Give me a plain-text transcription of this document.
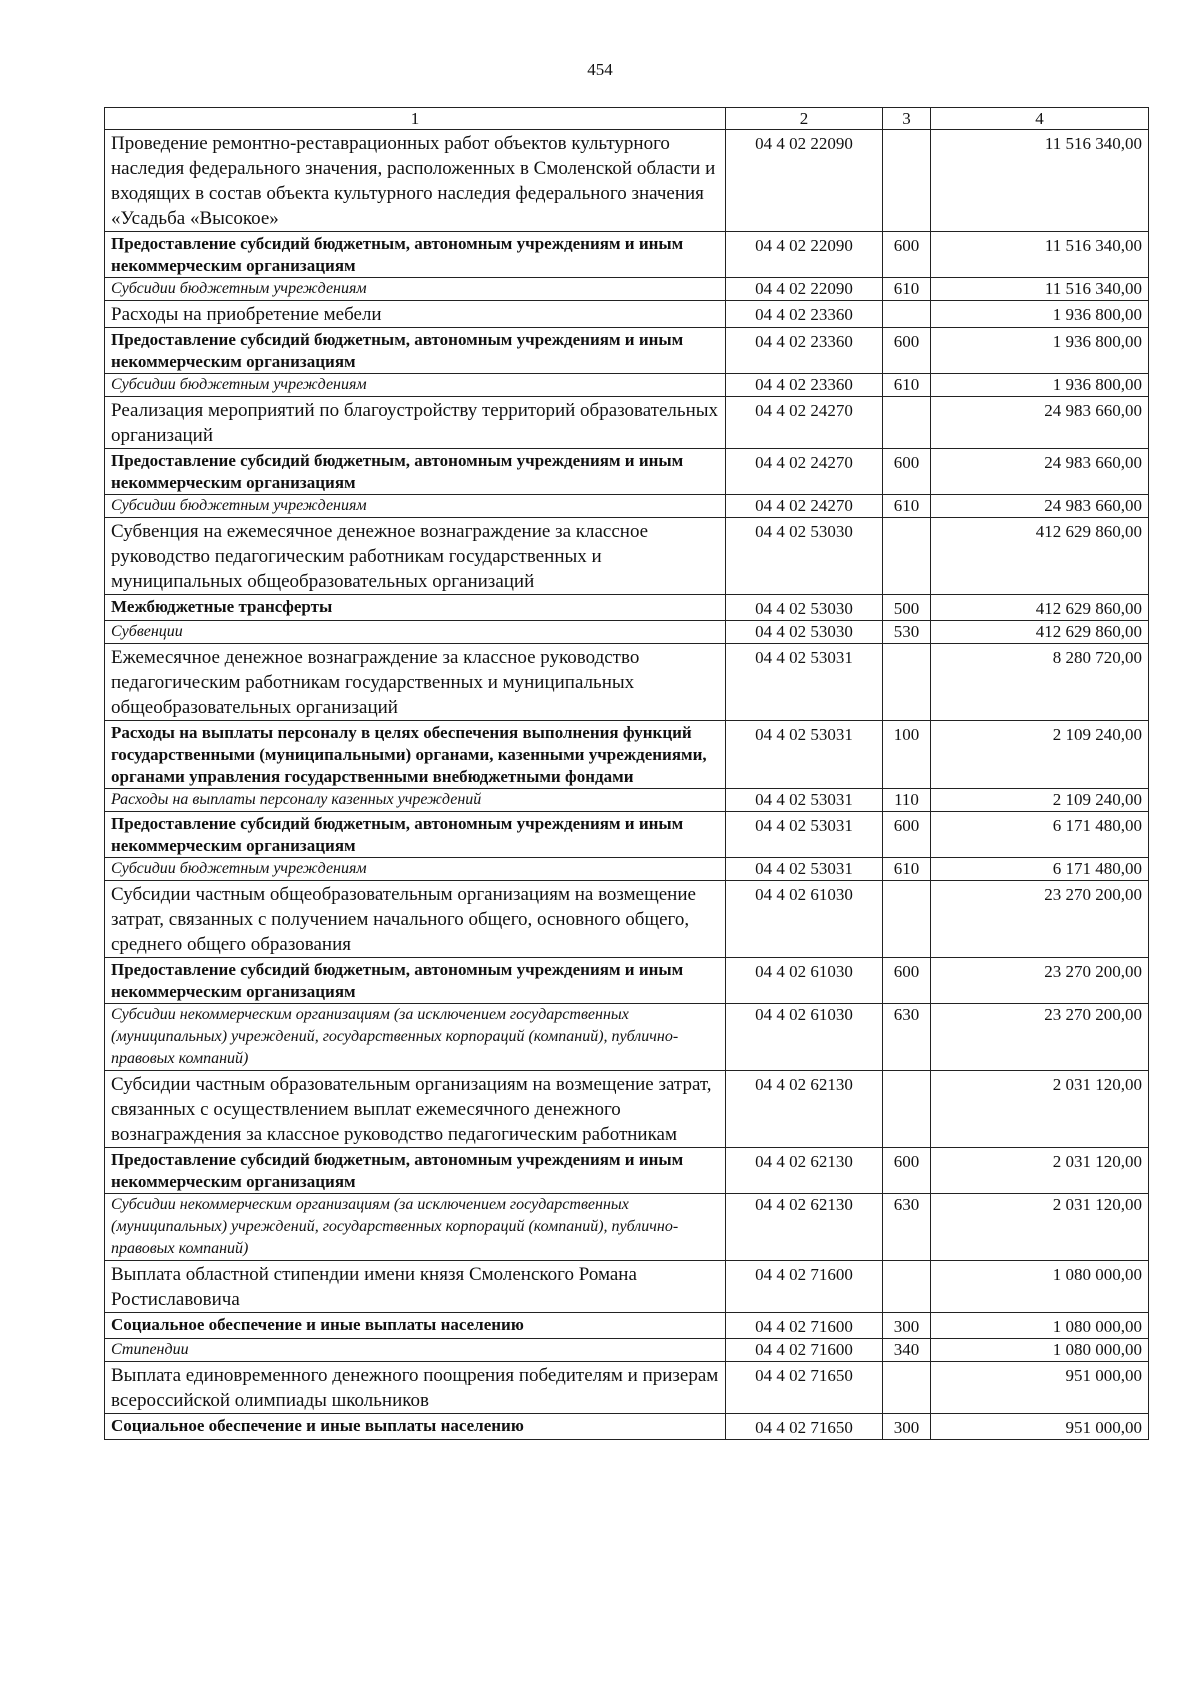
454
1	2	3	4
Проведение ремонтно-реставрационных работ объектов культурного наследия федерального значения, расположенных в Смоленской области и входящих в состав объекта культурного наследия федерального значения «Усадьба «Высокое»	04 4 02 22090		11 516 340,00
Предоставление субсидий бюджетным, автономным учреждениям и иным некоммерческим организациям	04 4 02 22090	600	11 516 340,00
Субсидии бюджетным учреждениям	04 4 02 22090	610	11 516 340,00
Расходы на приобретение мебели	04 4 02 23360		1 936 800,00
Предоставление субсидий бюджетным, автономным учреждениям и иным некоммерческим организациям	04 4 02 23360	600	1 936 800,00
Субсидии бюджетным учреждениям	04 4 02 23360	610	1 936 800,00
Реализация мероприятий по благоустройству территорий образовательных организаций	04 4 02 24270		24 983 660,00
Предоставление субсидий бюджетным, автономным учреждениям и иным некоммерческим организациям	04 4 02 24270	600	24 983 660,00
Субсидии бюджетным учреждениям	04 4 02 24270	610	24 983 660,00
Субвенция на ежемесячное денежное вознаграждение за классное руководство педагогическим работникам государственных и муниципальных общеобразовательных организаций	04 4 02 53030		412 629 860,00
Межбюджетные трансферты	04 4 02 53030	500	412 629 860,00
Субвенции	04 4 02 53030	530	412 629 860,00
Ежемесячное денежное вознаграждение за классное руководство педагогическим работникам государственных и муниципальных общеобразовательных организаций	04 4 02 53031		8 280 720,00
Расходы на выплаты персоналу в целях обеспечения выполнения функций государственными (муниципальными) органами, казенными учреждениями, органами управления государственными внебюджетными фондами	04 4 02 53031	100	2 109 240,00
Расходы на выплаты персоналу казенных учреждений	04 4 02 53031	110	2 109 240,00
Предоставление субсидий бюджетным, автономным учреждениям и иным некоммерческим организациям	04 4 02 53031	600	6 171 480,00
Субсидии бюджетным учреждениям	04 4 02 53031	610	6 171 480,00
Субсидии частным общеобразовательным организациям на возмещение затрат, связанных с получением начального общего, основного общего, среднего общего образования	04 4 02 61030		23 270 200,00
Предоставление субсидий бюджетным, автономным учреждениям и иным некоммерческим организациям	04 4 02 61030	600	23 270 200,00
Субсидии некоммерческим организациям (за исключением государственных (муниципальных) учреждений, государственных корпораций (компаний), публично-правовых компаний)	04 4 02 61030	630	23 270 200,00
Субсидии частным образовательным организациям на возмещение затрат, связанных с осуществлением выплат ежемесячного денежного вознаграждения за классное руководство педагогическим работникам	04 4 02 62130		2 031 120,00
Предоставление субсидий бюджетным, автономным учреждениям и иным некоммерческим организациям	04 4 02 62130	600	2 031 120,00
Субсидии некоммерческим организациям (за исключением государственных (муниципальных) учреждений, государственных корпораций (компаний), публично-правовых компаний)	04 4 02 62130	630	2 031 120,00
Выплата областной стипендии имени князя Смоленского Романа Ростиславовича	04 4 02 71600		1 080 000,00
Социальное обеспечение и иные выплаты населению	04 4 02 71600	300	1 080 000,00
Стипендии	04 4 02 71600	340	1 080 000,00
Выплата единовременного денежного поощрения победителям и призерам всероссийской олимпиады школьников	04 4 02 71650		951 000,00
Социальное обеспечение и иные выплаты населению	04 4 02 71650	300	951 000,00
